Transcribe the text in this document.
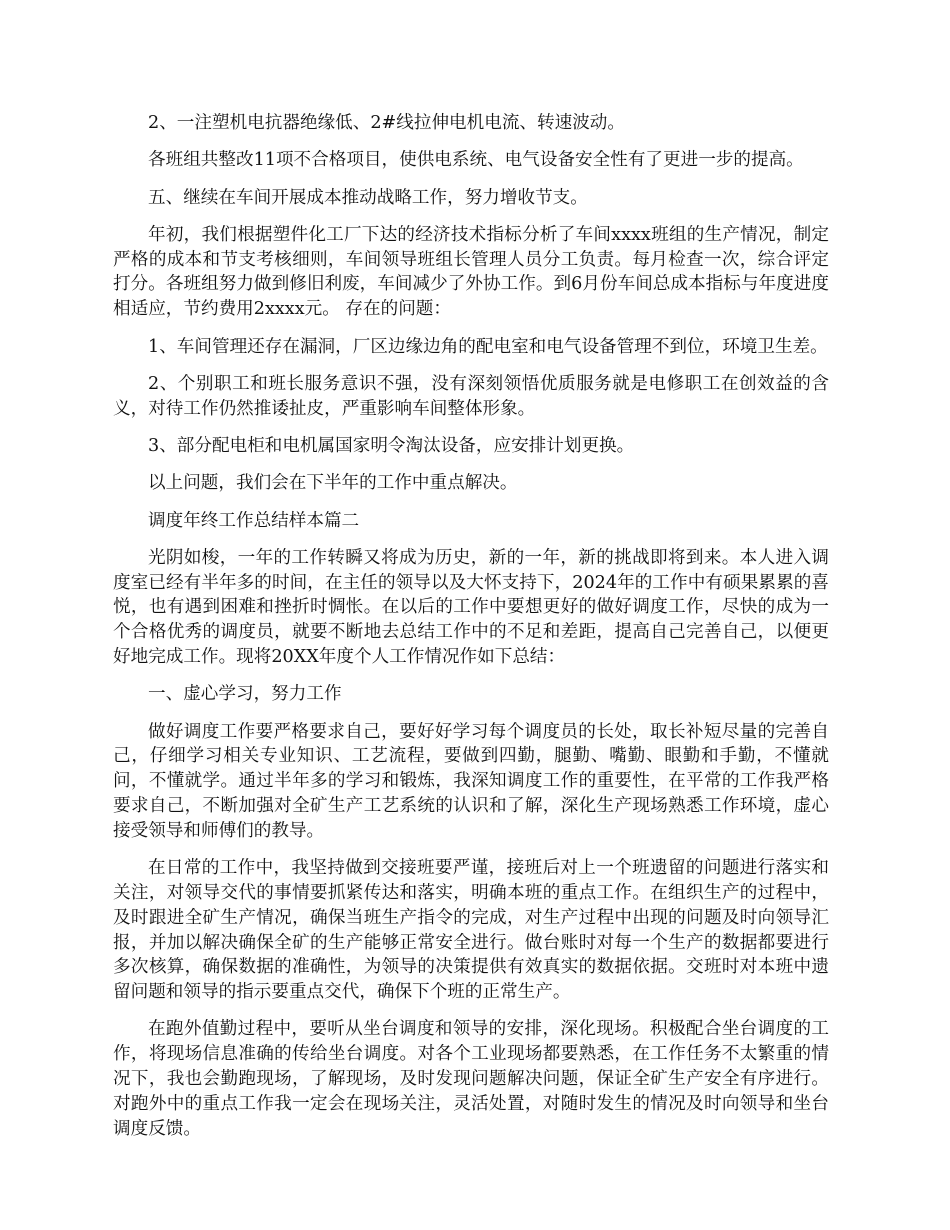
2、一注塑机电抗器绝缘低、2#线拉伸电机电流、转速波动。

各班组共整改11项不合格项目，使供电系统、电气设备安全性有了更进一步的提高。

五、继续在车间开展成本推动战略工作，努力增收节支。

年初，我们根据塑件化工厂下达的经济技术指标分析了车间xxxx班组的生产情况，制定严格的成本和节支考核细则，车间领导班组长管理人员分工负责。每月检查一次，综合评定打分。各班组努力做到修旧利废，车间减少了外协工作。到6月份车间总成本指标与年度进度相适应，节约费用2xxxx元。 存在的问题：

1、车间管理还存在漏洞，厂区边缘边角的配电室和电气设备管理不到位，环境卫生差。

2、个别职工和班长服务意识不强，没有深刻领悟优质服务就是电修职工在创效益的含义，对待工作仍然推诿扯皮，严重影响车间整体形象。

3、部分配电柜和电机属国家明令淘汰设备，应安排计划更换。

以上问题，我们会在下半年的工作中重点解决。

调度年终工作总结样本篇二

光阴如梭，一年的工作转瞬又将成为历史，新的一年，新的挑战即将到来。本人进入调度室已经有半年多的时间，在主任的领导以及大怀支持下，2024年的工作中有硕果累累的喜悦，也有遇到困难和挫折时惆怅。在以后的工作中要想更好的做好调度工作，尽快的成为一个合格优秀的调度员，就要不断地去总结工作中的不足和差距，提高自己完善自己，以便更好地完成工作。现将20XX年度个人工作情况作如下总结：

一、虚心学习，努力工作

做好调度工作要严格要求自己，要好好学习每个调度员的长处，取长补短尽量的完善自己，仔细学习相关专业知识、工艺流程，要做到四勤，腿勤、嘴勤、眼勤和手勤，不懂就问，不懂就学。通过半年多的学习和锻炼，我深知调度工作的重要性，在平常的工作我严格要求自己，不断加强对全矿生产工艺系统的认识和了解，深化生产现场熟悉工作环境，虚心接受领导和师傅们的教导。

在日常的工作中，我坚持做到交接班要严谨，接班后对上一个班遗留的问题进行落实和关注，对领导交代的事情要抓紧传达和落实，明确本班的重点工作。在组织生产的过程中，及时跟进全矿生产情况，确保当班生产指令的完成，对生产过程中出现的问题及时向领导汇报，并加以解决确保全矿的生产能够正常安全进行。做台账时对每一个生产的数据都要进行多次核算，确保数据的准确性，为领导的决策提供有效真实的数据依据。交班时对本班中遗留问题和领导的指示要重点交代，确保下个班的正常生产。

在跑外值勤过程中，要听从坐台调度和领导的安排，深化现场。积极配合坐台调度的工作，将现场信息准确的传给坐台调度。对各个工业现场都要熟悉，在工作任务不太繁重的情况下，我也会勤跑现场，了解现场，及时发现问题解决问题，保证全矿生产安全有序进行。对跑外中的重点工作我一定会在现场关注，灵活处置，对随时发生的情况及时向领导和坐台调度反馈。
